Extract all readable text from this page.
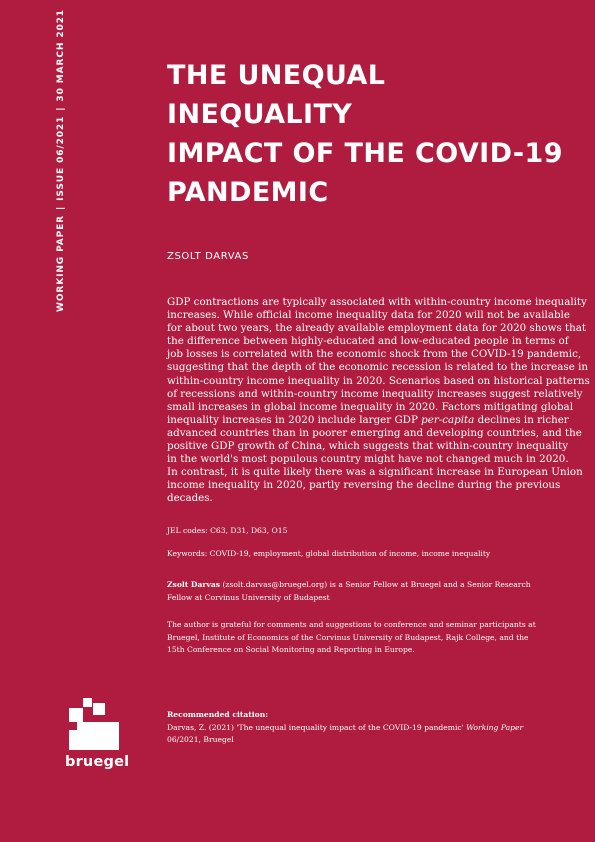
WORKING PAPER|ISSUE 06/2021|30 MARCH 2021	THE UNEQUAL INEQUALITY
IMPACT OF THE COVID-19
PANDEMIC
ZSOLT DARVAS
GDP contractions are typically associated with within-country income inequality
increases. While official income inequality data for 2020 will not be available
for about two years, the already available employment data for 2020 shows that
the difference between highly-educated and low-educated people in terms of
job losses is correlated with the economic shock from the COVID-19 pandemic,
suggesting that the depth of the economic recession is related to the increase in
within-country income inequality in 2020. Scenarios based on historical patterns
of recessions and within-country income inequality increases suggest relatively
small increases in global income inequality in 2020. Factors mitigating global
inequality increases in 2020 include larger GDP per-capita declines in richer
advanced countries than in poorer emerging and developing countries, and the
positive GDP growth of China, which suggests that within-country inequality
in the world's most populous country might have not changed much in 2020.
In contrast, it is quite likely there was a significant increase in European Union
income inequality in 2020, partly reversing the decline during the previous
decades.
JEL codes: C63, D31, D63, O15
Keywords: COVID-19, employment, global distribution of income, income inequality
Zsolt Darvas (zsolt.darvas@bruegel.org) is a Senior Fellow at Bruegel and a Senior Research
Fellow at Corvinus University of Budapest
The author is grateful for comments and suggestions to conference and seminar participants at
Bruegel, Institute of Economics of the Corvinus University of Budapest, Rajk College, and the
15th Conference on Social Monitoring and Reporting in Europe.
Recommended citation:
Darvas, Z. (2021) 'The unequal inequality impact of the COVID-19 pandemic' Working Paper
06/2021, Bruegel
bruegel
